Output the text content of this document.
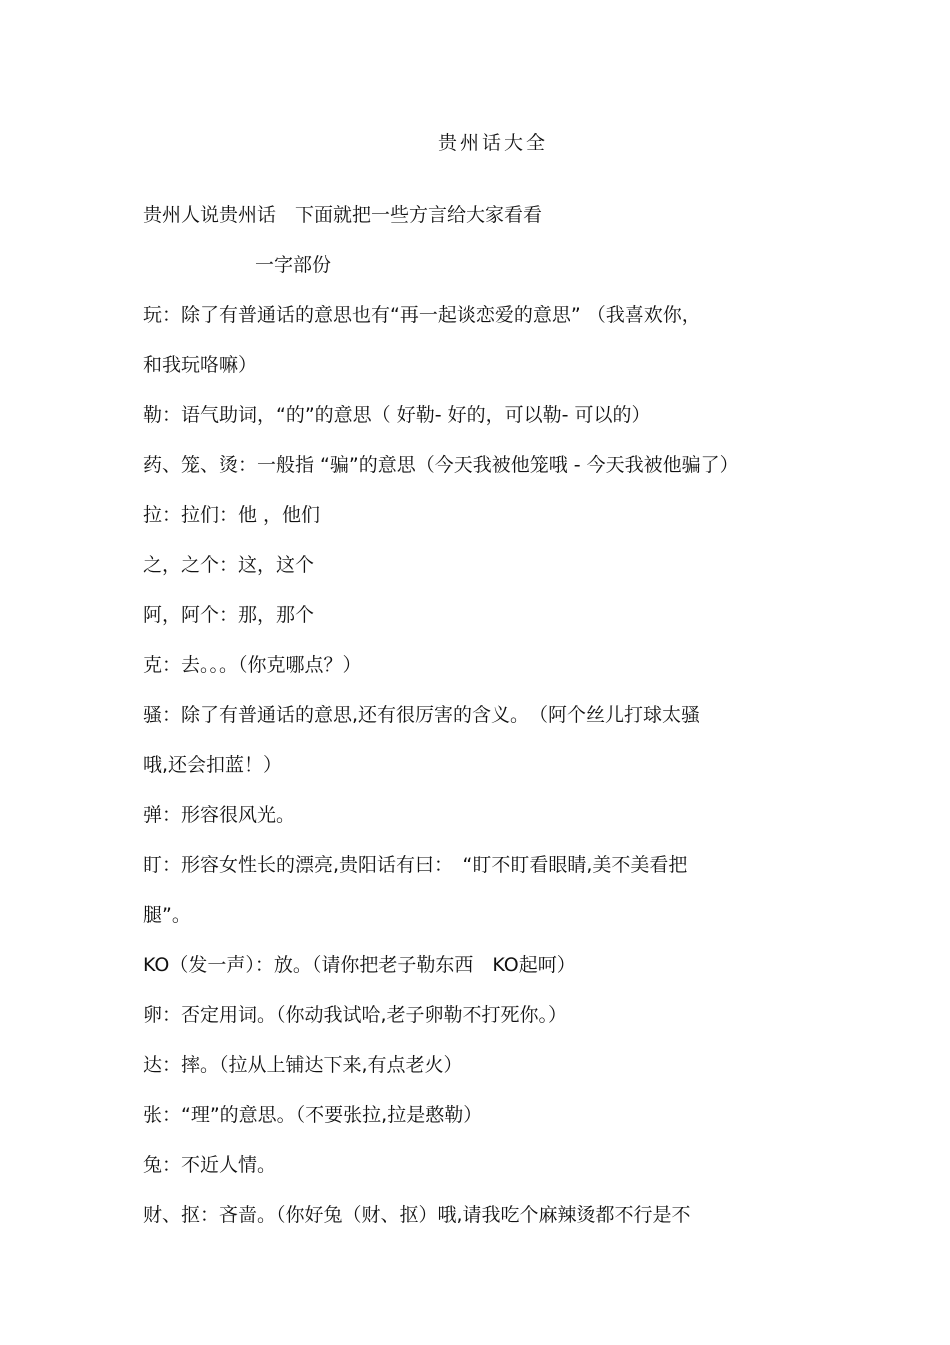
贵州话大全
贵州人说贵州话　下面就把一些方言给大家看看
一字部份
玩：除了有普通话的意思也有“再一起谈恋爱的意思” （我喜欢你，
和我玩咯嘛）
勒：语气助词，“的”的意思（ 好勒- 好的，可以勒- 可以的）
药、笼、烫：一般指 “骗”的意思（今天我被他笼哦 - 今天我被他骗了）
拉：拉们：他 ，他们
之，之个：这，这个
阿，阿个：那，那个
克：去。。。（你克哪点？）
骚：除了有普通话的意思,还有很厉害的含义。　（阿个丝儿打球太骚
哦,还会扣蓝！）
弹：形容很风光。
盯：形容女性长的漂亮,贵阳话有曰：　“盯不盯看眼睛,美不美看把
腿”。
KO（发一声）：放。（请你把老子勒东西　KO起呵）
卵：否定用词。（你动我试哈,老子卵勒不打死你。）
达：摔。（拉从上铺达下来,有点老火）
张：“理”的意思。（不要张拉,拉是憨勒）
兔：不近人情。
财、抠：吝啬。（你好兔（财、抠）哦,请我吃个麻辣烫都不行是不
